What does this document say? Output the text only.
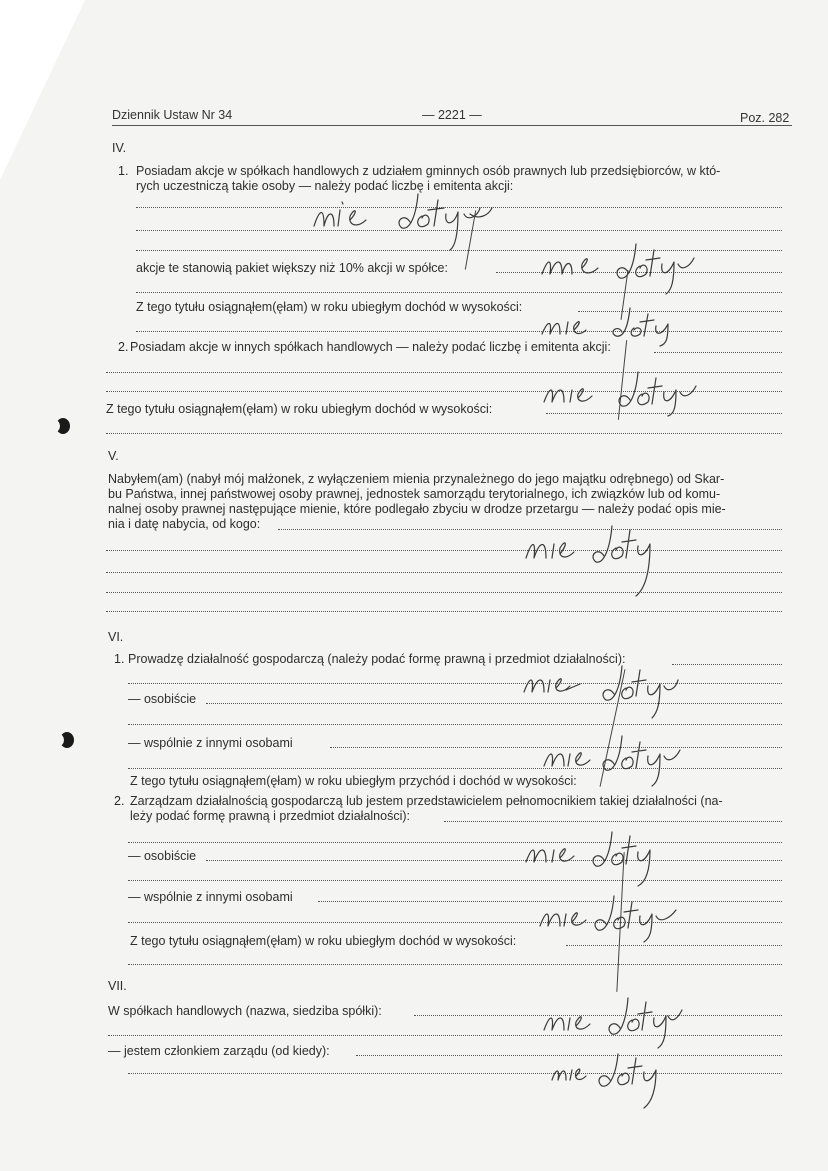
Dziennik Ustaw Nr 34	— 2221 —	Poz. 282
IV.
1. Posiadam akcje w spółkach handlowych z udziałem gminnych osób prawnych lub przedsiębiorców, w któ-
rych uczestniczą takie osoby — należy podać liczbę i emitenta akcji:
akcje te stanowią pakiet większy niż 10% akcji w spółce:
Z tego tytułu osiągnąłem(ęłam) w roku ubiegłym dochód w wysokości:
2. Posiadam akcje w innych spółkach handlowych — należy podać liczbę i emitenta akcji:
Z tego tytułu osiągnąłem(ęłam) w roku ubiegłym dochód w wysokości:
V.
Nabyłem(am) (nabył mój małżonek, z wyłączeniem mienia przynależnego do jego majątku odrębnego) od Skar-
bu Państwa, innej państwowej osoby prawnej, jednostek samorządu terytorialnego, ich związków lub od komu-
nalnej osoby prawnej następujące mienie, które podlegało zbyciu w drodze przetargu — należy podać opis mie-
nia i datę nabycia, od kogo:
VI.
1. Prowadzę działalność gospodarczą (należy podać formę prawną i przedmiot działalności):
— osobiście
— wspólnie z innymi osobami
Z tego tytułu osiągnąłem(ęłam) w roku ubiegłym przychód i dochód w wysokości:
2. Zarządzam działalnością gospodarczą lub jestem przedstawicielem pełnomocnikiem takiej działalności (na-
leży podać formę prawną i przedmiot działalności):
— osobiście
— wspólnie z innymi osobami
Z tego tytułu osiągnąłem(ęłam) w roku ubiegłym dochód w wysokości:
VII.
W spółkach handlowych (nazwa, siedziba spółki):
— jestem członkiem zarządu (od kiedy):
